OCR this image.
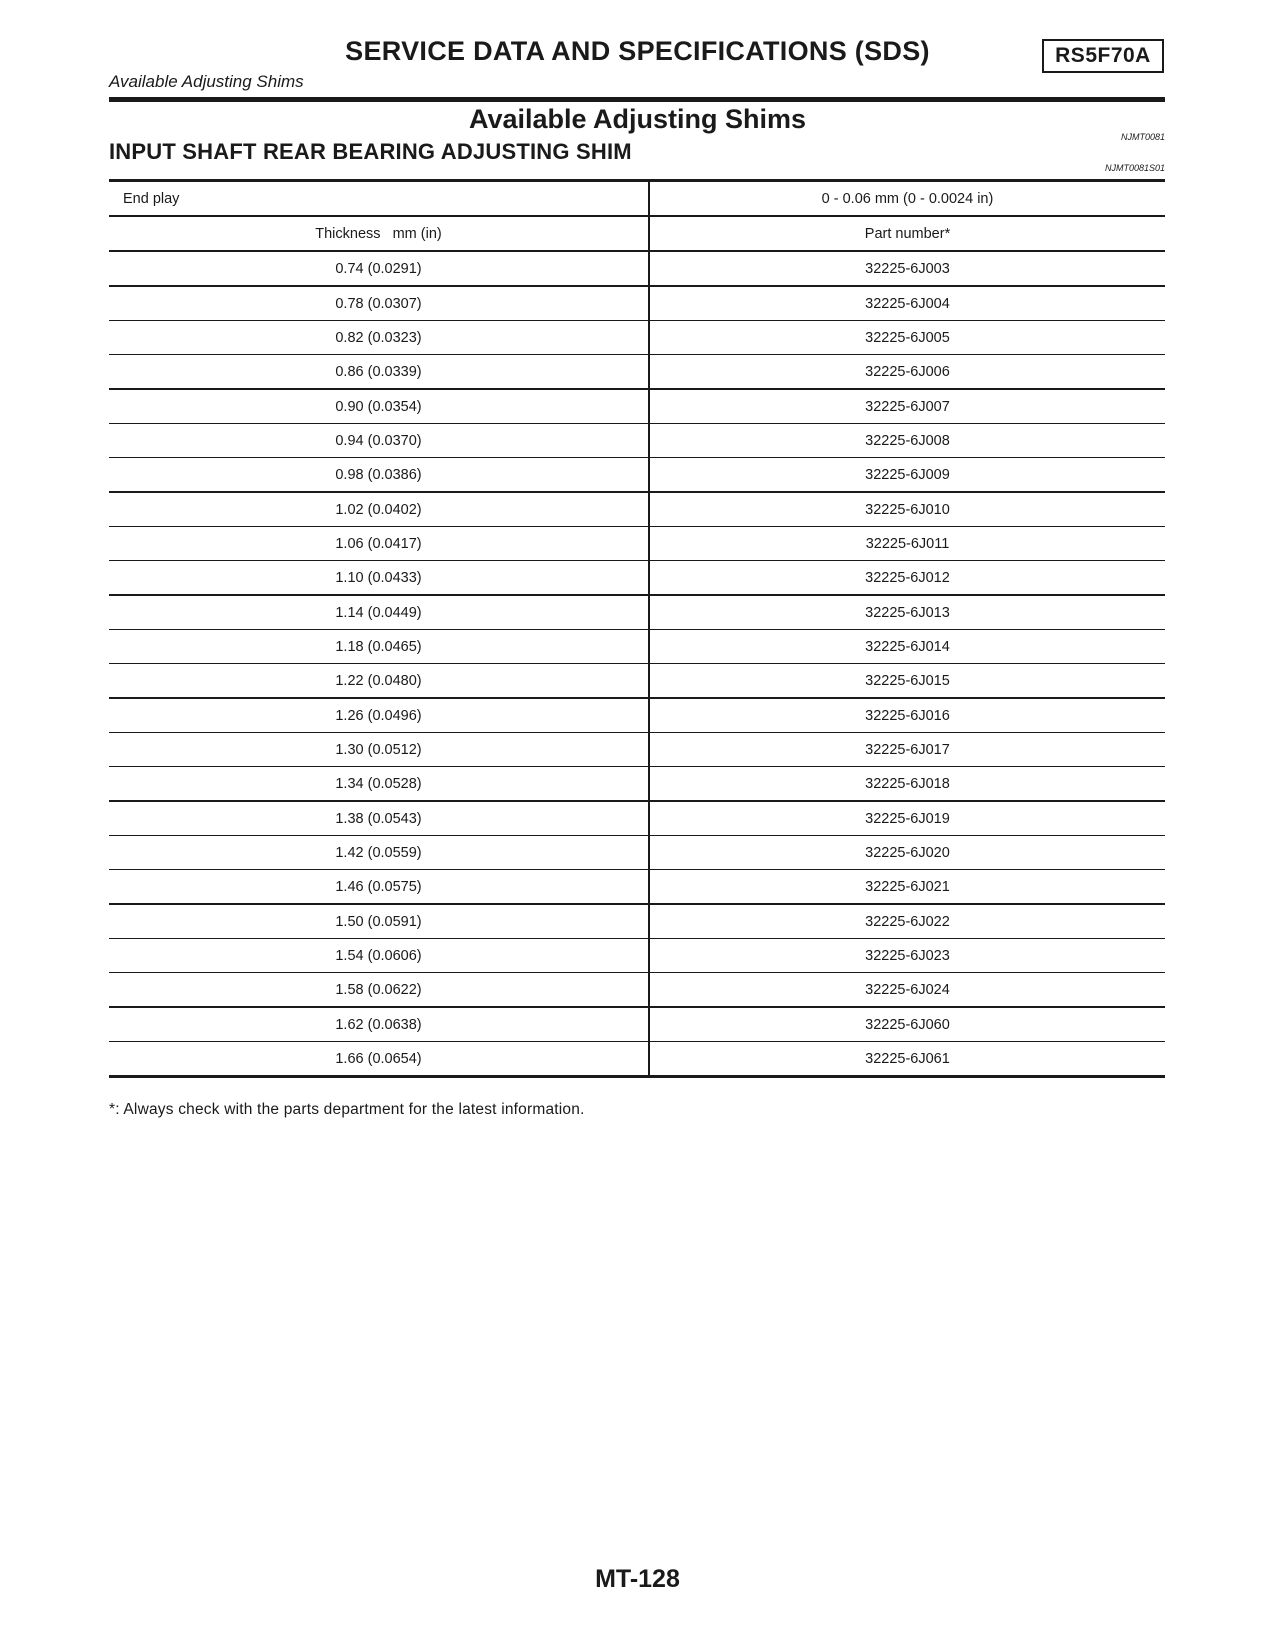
SERVICE DATA AND SPECIFICATIONS (SDS)	RS5F70A
Available Adjusting Shims
Available Adjusting Shims
NJMT0081
INPUT SHAFT REAR BEARING ADJUSTING SHIM
NJMT0081S01
End play	0 - 0.06 mm (0 - 0.0024 in)
Thickness   mm (in)	Part number*
0.74 (0.0291)	32225-6J003
0.78 (0.0307)	32225-6J004
0.82 (0.0323)	32225-6J005
0.86 (0.0339)	32225-6J006
0.90 (0.0354)	32225-6J007
0.94 (0.0370)	32225-6J008
0.98 (0.0386)	32225-6J009
1.02 (0.0402)	32225-6J010
1.06 (0.0417)	32225-6J011
1.10 (0.0433)	32225-6J012
1.14 (0.0449)	32225-6J013
1.18 (0.0465)	32225-6J014
1.22 (0.0480)	32225-6J015
1.26 (0.0496)	32225-6J016
1.30 (0.0512)	32225-6J017
1.34 (0.0528)	32225-6J018
1.38 (0.0543)	32225-6J019
1.42 (0.0559)	32225-6J020
1.46 (0.0575)	32225-6J021
1.50 (0.0591)	32225-6J022
1.54 (0.0606)	32225-6J023
1.58 (0.0622)	32225-6J024
1.62 (0.0638)	32225-6J060
1.66 (0.0654)	32225-6J061
*: Always check with the parts department for the latest information.
MT-128
